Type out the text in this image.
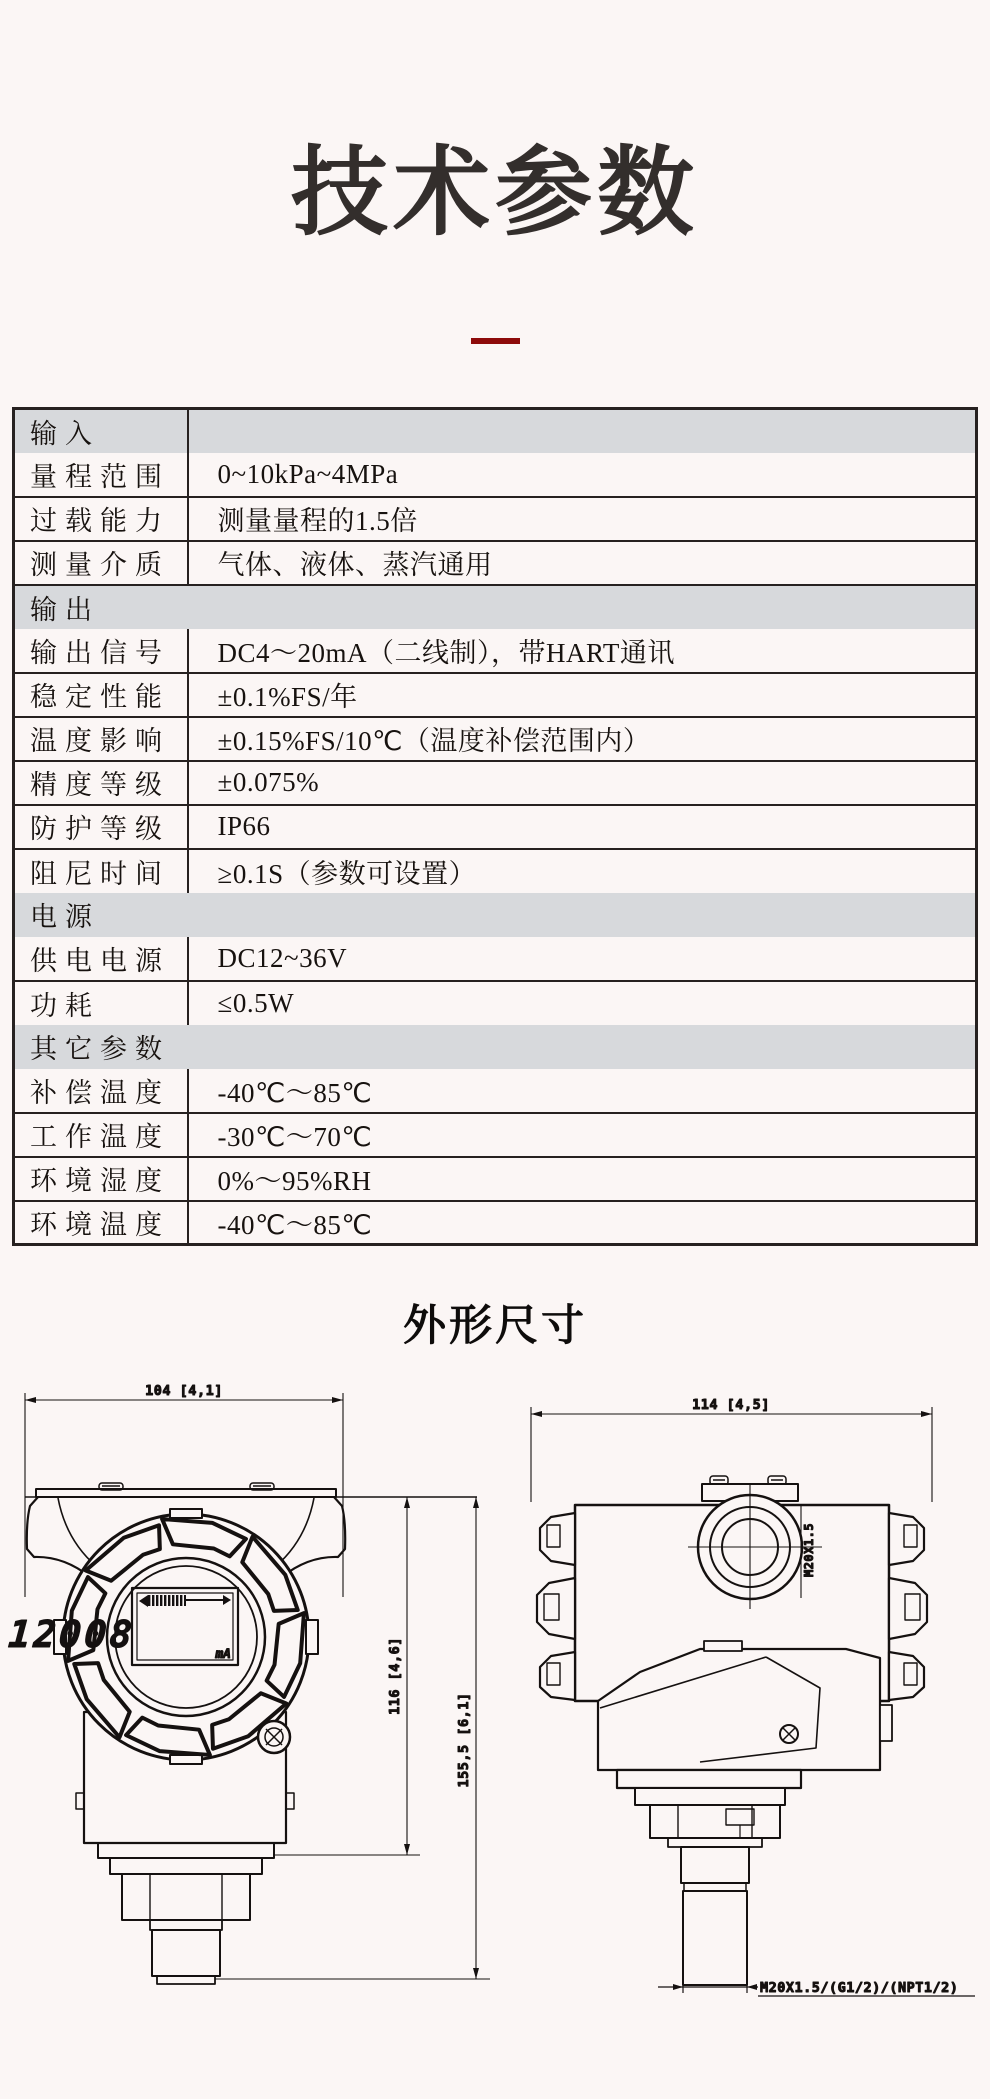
技术参数
输入	
量程范围	0~10kPa~4MPa
过载能力	测量量程的1.5倍
测量介质	气体、液体、蒸汽通用
输出	
输出信号	DC4～20mA（二线制），带HART通讯
稳定性能	±0.1%FS/年
温度影响	±0.15%FS/10℃（温度补偿范围内）
精度等级	±0.075%
防护等级	IP66
阻尼时间	≥0.1S（参数可设置）
电源	
供电电源	DC12~36V
功耗	≤0.5W
其它参数	
补偿温度	-40℃～85℃
工作温度	-30℃～70℃
环境湿度	0%～95%RH
环境温度	-40℃～85℃
外形尺寸
104 [4,1]
12008	mA	116 [4,6]
155,5 [6,1]
114 [4,5]
M20X1.5
M20X1.5/(G1/2)/(NPT1/2)
